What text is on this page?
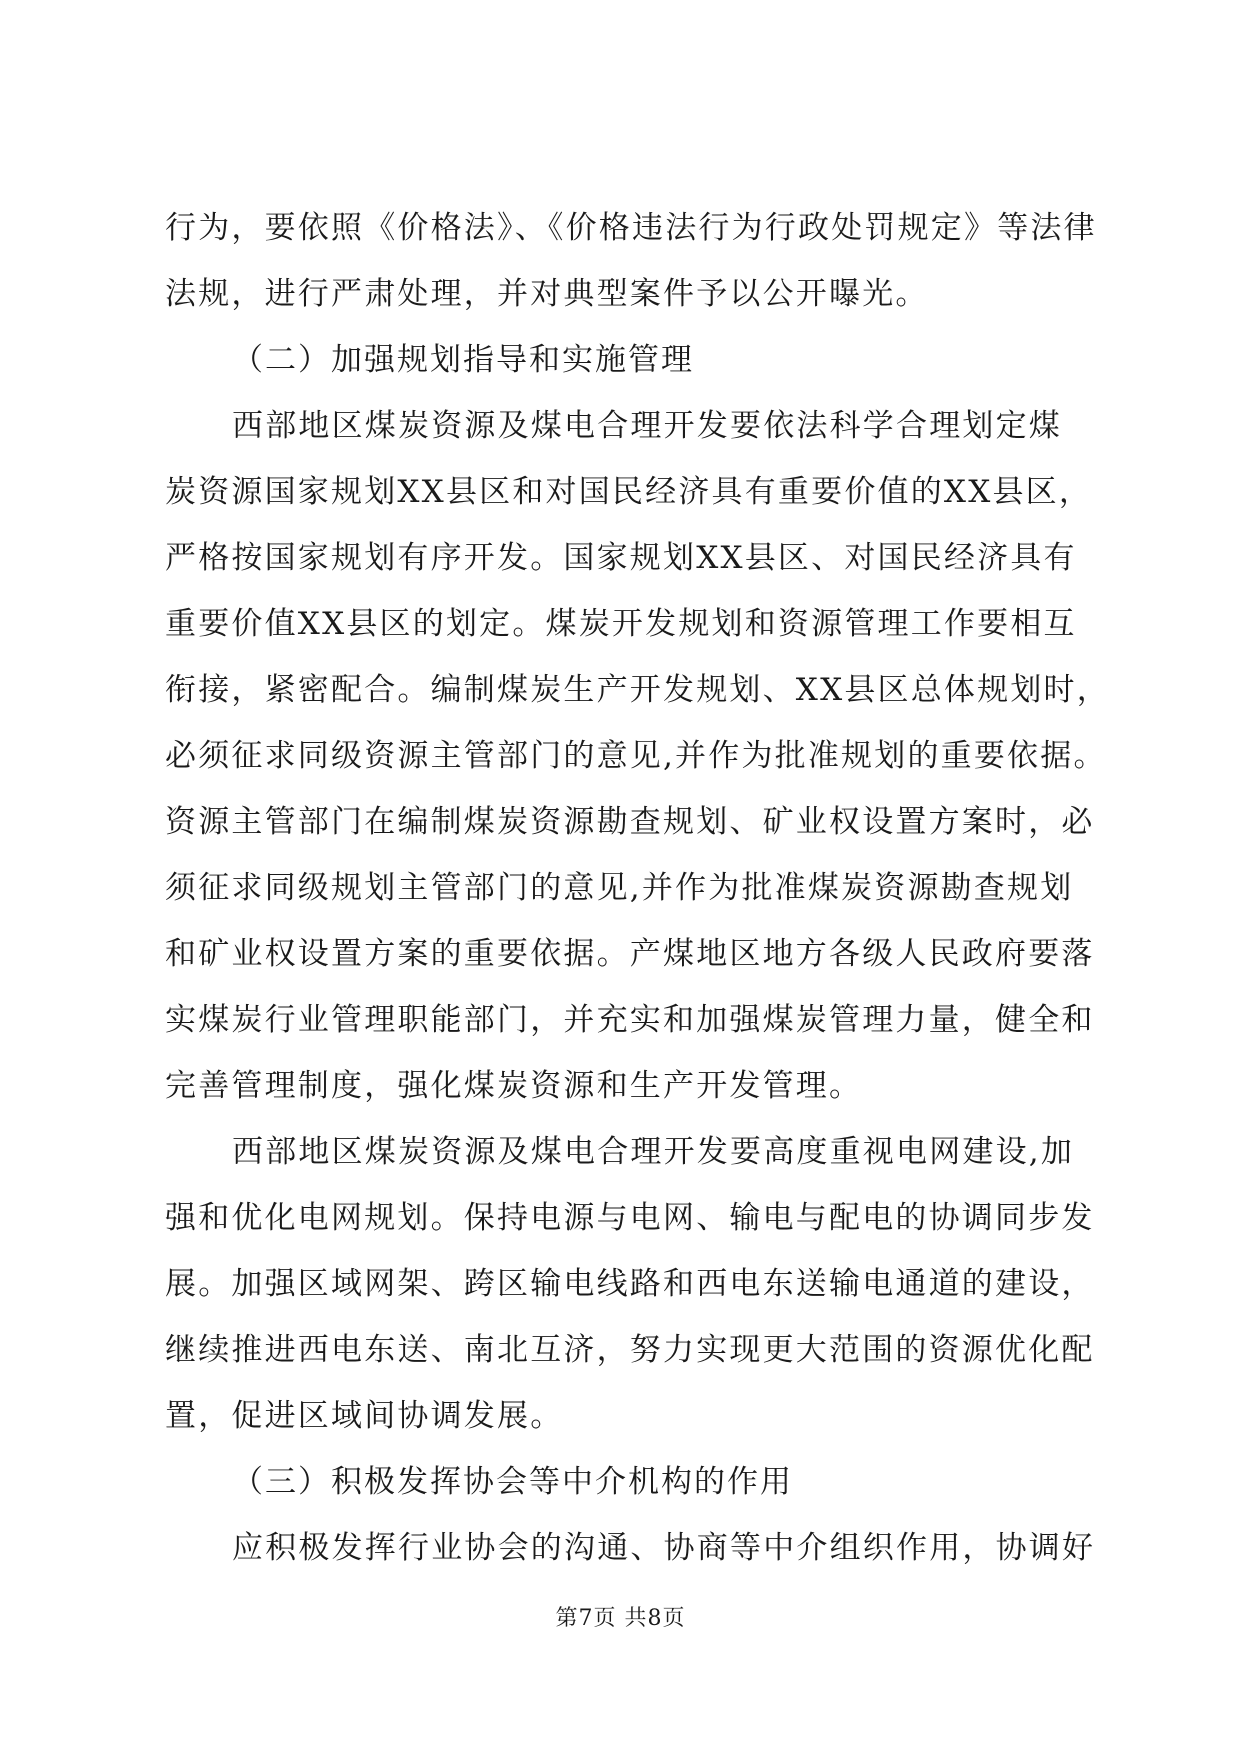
行为，要依照《价格法》、《价格违法行为行政处罚规定》等法律
法规，进行严肃处理，并对典型案件予以公开曝光。
（二）加强规划指导和实施管理
西部地区煤炭资源及煤电合理开发要依法科学合理划定煤
炭资源国家规划XX县区和对国民经济具有重要价值的XX县区，
严格按国家规划有序开发。国家规划XX县区、对国民经济具有
重要价值XX县区的划定。煤炭开发规划和资源管理工作要相互
衔接，紧密配合。编制煤炭生产开发规划、XX县区总体规划时，
必须征求同级资源主管部门的意见,并作为批准规划的重要依据。
资源主管部门在编制煤炭资源勘查规划、矿业权设置方案时，必
须征求同级规划主管部门的意见,并作为批准煤炭资源勘查规划
和矿业权设置方案的重要依据。产煤地区地方各级人民政府要落
实煤炭行业管理职能部门，并充实和加强煤炭管理力量，健全和
完善管理制度，强化煤炭资源和生产开发管理。
西部地区煤炭资源及煤电合理开发要高度重视电网建设,加
强和优化电网规划。保持电源与电网、输电与配电的协调同步发
展。加强区域网架、跨区输电线路和西电东送输电通道的建设，
继续推进西电东送、南北互济，努力实现更大范围的资源优化配
置，促进区域间协调发展。
（三）积极发挥协会等中介机构的作用
应积极发挥行业协会的沟通、协商等中介组织作用，协调好
第7页 共8页
